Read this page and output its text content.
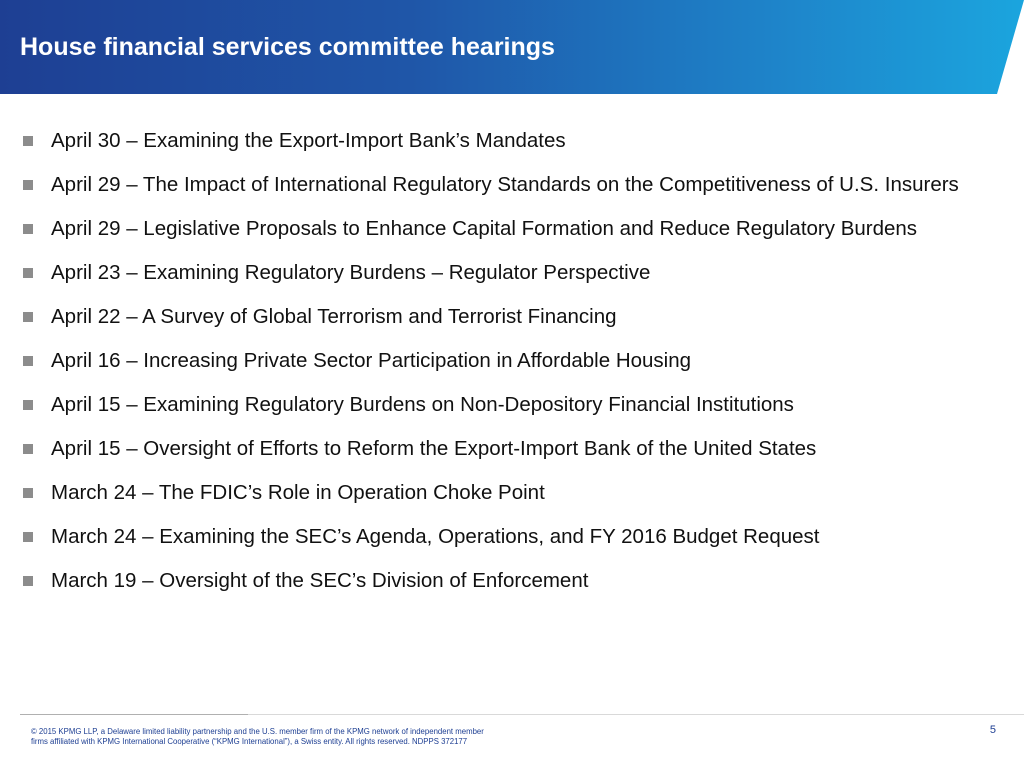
House financial services committee hearings
April 30 – Examining the Export-Import Bank’s Mandates
April 29 – The Impact of International Regulatory Standards on the Competitiveness of U.S. Insurers
April 29 – Legislative Proposals to Enhance Capital Formation and Reduce Regulatory Burdens
April 23 – Examining Regulatory Burdens – Regulator Perspective
April 22 – A Survey of Global Terrorism and Terrorist Financing
April 16 – Increasing Private Sector Participation in Affordable Housing
April 15 – Examining Regulatory Burdens on Non-Depository Financial Institutions
April 15 – Oversight of Efforts to Reform the Export-Import Bank of the United States
March 24 – The FDIC’s Role in Operation Choke Point
March 24 – Examining the SEC’s Agenda, Operations, and FY 2016 Budget Request
March 19 – Oversight of the SEC’s Division of Enforcement

© 2015 KPMG LLP, a Delaware limited liability partnership and the U.S. member firm of the KPMG network of independent member
firms affiliated with KPMG International Cooperative (“KPMG International”), a Swiss entity. All rights reserved. NDPPS 372177

5
